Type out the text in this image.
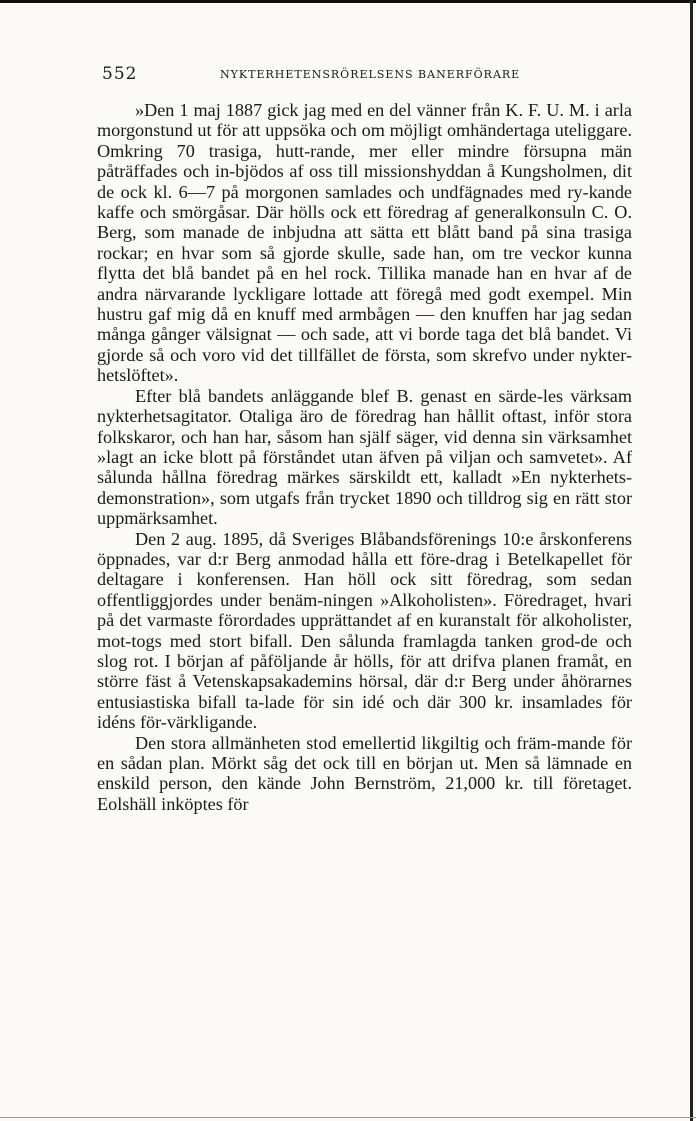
552	NYKTERHETENSRÖRELSENS BANERFÖRARE

»Den 1 maj 1887 gick jag med en del vänner från K. F. U. M. i arla morgonstund ut för att uppsöka och om möjligt omhändertaga uteliggare. Omkring 70 trasiga, hutt-rande, mer eller mindre försupna män påträffades och in-bjödos af oss till missionshyddan å Kungsholmen, dit de ock kl. 6—7 på morgonen samlades och undfägnades med ry-kande kaffe och smörgåsar. Där hölls ock ett föredrag af generalkonsuln C. O. Berg, som manade de inbjudna att sätta ett blått band på sina trasiga rockar; en hvar som så gjorde skulle, sade han, om tre veckor kunna flytta det blå bandet på en hel rock. Tillika manade han en hvar af de andra närvarande lyckligare lottade att föregå med godt exempel. Min hustru gaf mig då en knuff med armbågen — den knuffen har jag sedan många gånger välsignat — och sade, att vi borde taga det blå bandet. Vi gjorde så och voro vid det tillfället de första, som skrefvo under nykter-hetslöftet».

Efter blå bandets anläggande blef B. genast en särde-les värksam nykterhetsagitator. Otaliga äro de föredrag han hållit oftast, inför stora folkskaror, och han har, såsom han själf säger, vid denna sin värksamhet »lagt an icke blott på förståndet utan äfven på viljan och samvetet». Af sålunda hållna föredrag märkes särskildt ett, kalladt »En nykterhets-demonstration», som utgafs från trycket 1890 och tilldrog sig en rätt stor uppmärksamhet.

Den 2 aug. 1895, då Sveriges Blåbandsförenings 10:e årskonferens öppnades, var d:r Berg anmodad hålla ett före-drag i Betelkapellet för deltagare i konferensen. Han höll ock sitt föredrag, som sedan offentliggjordes under benäm-ningen »Alkoholisten». Föredraget, hvari på det varmaste förordades upprättandet af en kuranstalt för alkoholister, mot-togs med stort bifall. Den sålunda framlagda tanken grod-de och slog rot. I början af påföljande år hölls, för att drifva planen framåt, en större fäst å Vetenskapsakademins hörsal, där d:r Berg under åhörarnes entusiastiska bifall ta-lade för sin idé och där 300 kr. insamlades för idéns för-värkligande.

Den stora allmänheten stod emellertid likgiltig och främ-mande för en sådan plan. Mörkt såg det ock till en början ut. Men så lämnade en enskild person, den kände John Bernström, 21,000 kr. till företaget. Eolshäll inköptes för
